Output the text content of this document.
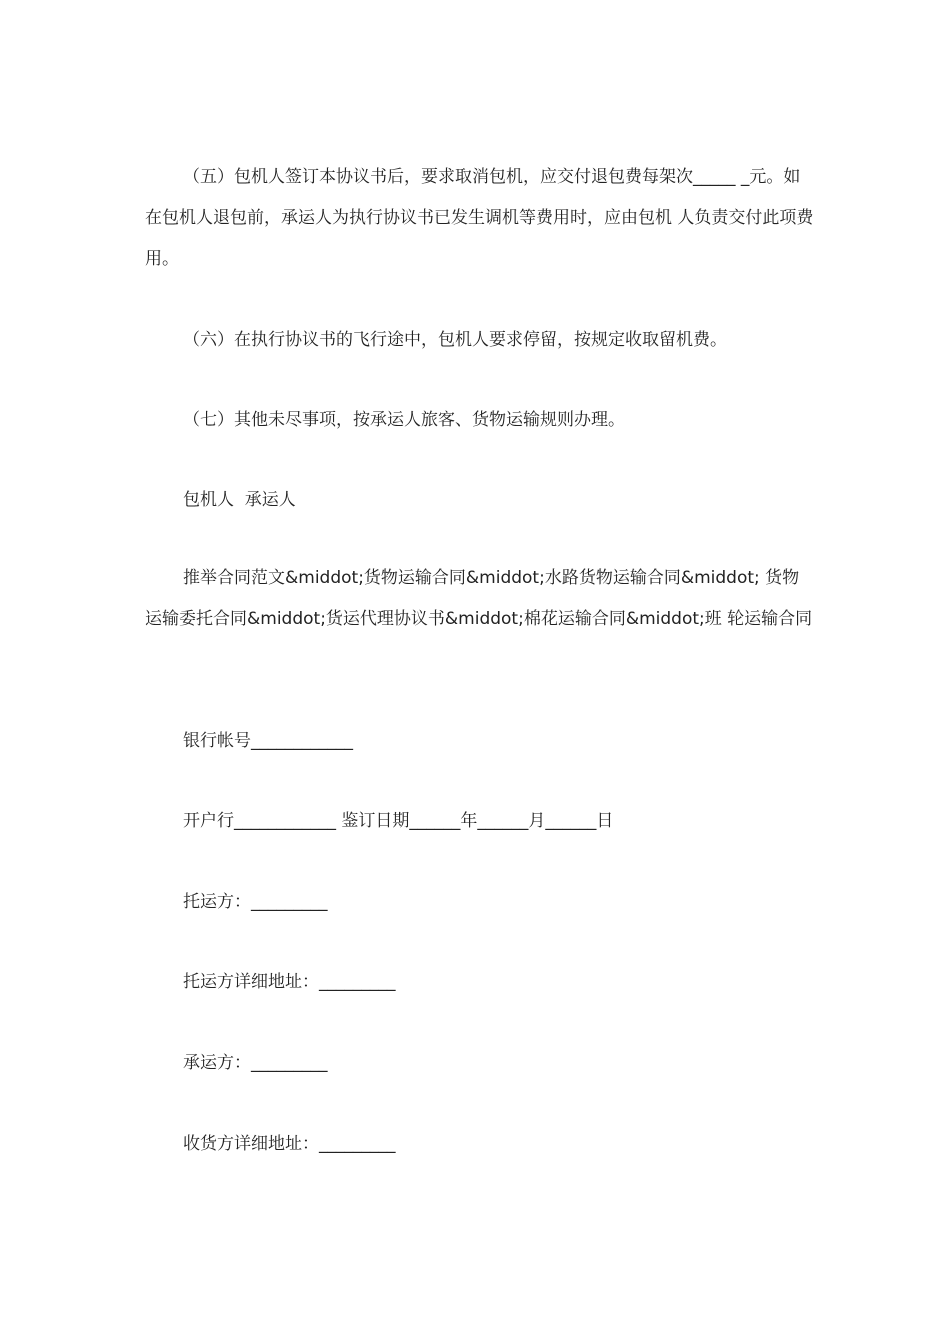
（五）包机人签订本协议书后，要求取消包机，应交付退包费每架次_____ _元。如在包机人退包前，承运人为执行协议书已发生调机等费用时，应由包机 人负责交付此项费用。

（六）在执行协议书的飞行途中，包机人要求停留，按规定收取留机费。

（七）其他未尽事项，按承运人旅客、货物运输规则办理。

包机人  承运人

推举合同范文&middot;货物运输合同&middot;水路货物运输合同&middot; 货物运输委托合同&middot;货运代理协议书&middot;棉花运输合同&middot;班 轮运输合同

银行帐号____________

开户行____________ 鉴订日期______年______月______日

托运方：_________

托运方详细地址：_________

承运方：_________

收货方详细地址：_________
